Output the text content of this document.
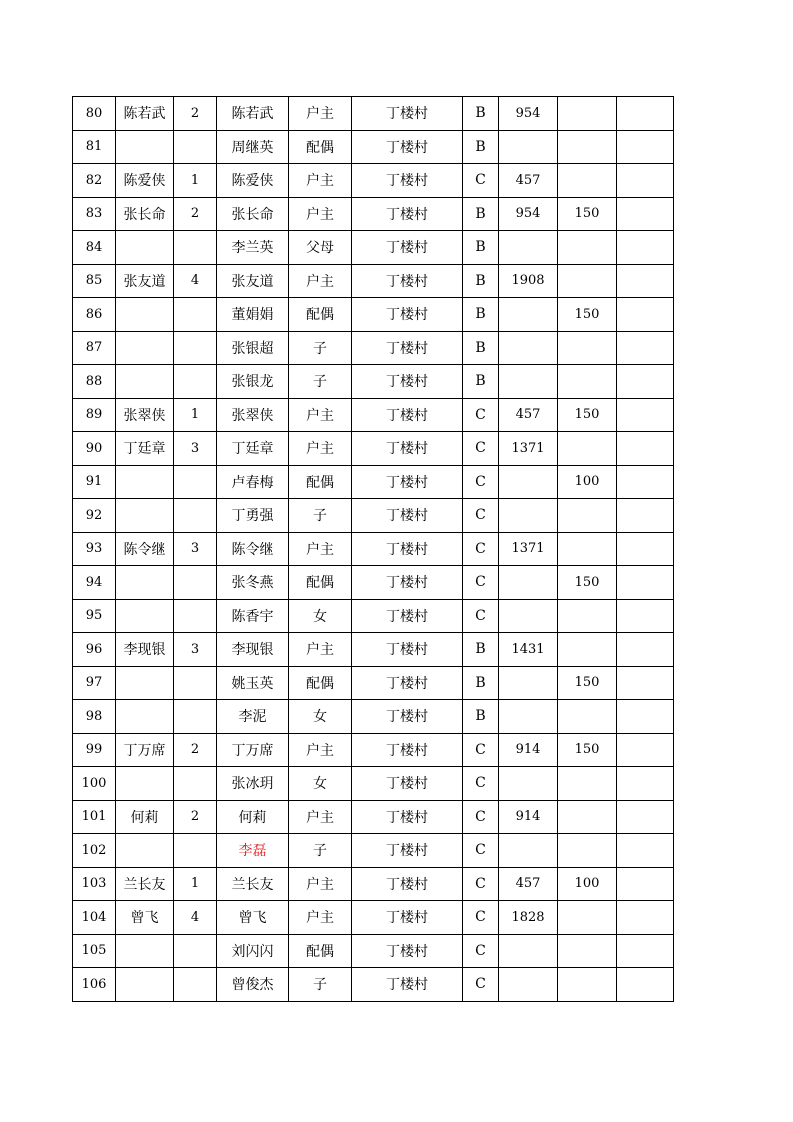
80	陈若武	2	陈若武	户主	丁楼村	B	954		
81			周继英	配偶	丁楼村	B			
82	陈爱侠	1	陈爱侠	户主	丁楼村	C	457		
83	张长命	2	张长命	户主	丁楼村	B	954	150	
84			李兰英	父母	丁楼村	B			
85	张友道	4	张友道	户主	丁楼村	B	1908		
86			董娟娟	配偶	丁楼村	B		150	
87			张银超	子	丁楼村	B			
88			张银龙	子	丁楼村	B			
89	张翠侠	1	张翠侠	户主	丁楼村	C	457	150	
90	丁廷章	3	丁廷章	户主	丁楼村	C	1371		
91			卢春梅	配偶	丁楼村	C		100	
92			丁勇强	子	丁楼村	C			
93	陈令继	3	陈令继	户主	丁楼村	C	1371		
94			张冬燕	配偶	丁楼村	C		150	
95			陈香宇	女	丁楼村	C			
96	李现银	3	李现银	户主	丁楼村	B	1431		
97			姚玉英	配偶	丁楼村	B		150	
98			李泥	女	丁楼村	B			
99	丁万席	2	丁万席	户主	丁楼村	C	914	150	
100			张冰玥	女	丁楼村	C			
101	何莉	2	何莉	户主	丁楼村	C	914		
102			李磊	子	丁楼村	C			
103	兰长友	1	兰长友	户主	丁楼村	C	457	100	
104	曾飞	4	曾飞	户主	丁楼村	C	1828		
105			刘闪闪	配偶	丁楼村	C			
106			曾俊杰	子	丁楼村	C			
